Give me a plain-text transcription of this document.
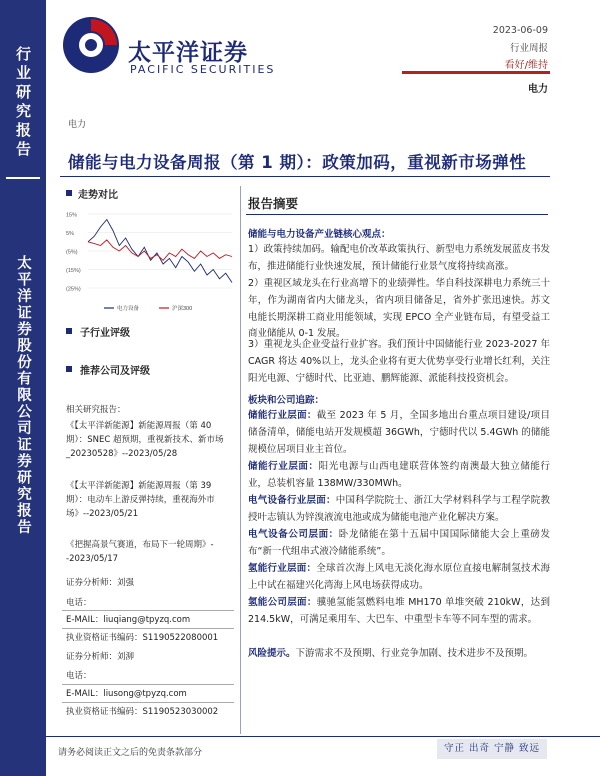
行业研究报告
太平洋证券股份有限公司证券研究报告
太平洋证券
PACIFIC SECURITIES
2023-06-09
行业周报
看好/维持
电力
电力
储能与电力设备周报（第 1 期）：政策加码，重视新市场弹性
走势对比
15%
5%
(5%)
(15%)
(25%)
电力设备	沪深300
子行业评级
推荐公司及评级
相关研究报告：
《【太平洋新能源】新能源周报（第 40 期）：SNEC 超预期，重视新技术、新市场_20230528》--2023/05/28
《【太平洋新能源】新能源周报（第 39 期）：电动车上游反弹持续，重视海外市场》--2023/05/21
《把握高景气赛道，布局下一轮周期》--2023/05/17
证券分析师：刘强
电话：
E-MAIL：liuqiang@tpyzq.com
执业资格证书编码：S1190522080001
证券分析师：刘泖
电话：
E-MAIL：liusong@tpyzq.com
执业资格证书编码：S1190523030002
报告摘要
储能与电力设备产业链核心观点：
1）政策持续加码。输配电价改革政策执行、新型电力系统发展蓝皮书发布，推进储能行业快速发展，预计储能行业景气度将持续高涨。
2）重视区域龙头在行业高增下的业绩弹性。华自科技深耕电力系统三十年，作为湖南省内大储龙头，省内项目储备足，省外扩张迅速快。苏文电能长期深耕工商业用能领域，实现 EPCO 全产业链布局，有望受益工商业储能从 0-1 发展。
3）重视龙头企业受益行业扩容。我们预计中国储能行业 2023-2027 年 CAGR 将达 40%以上，龙头企业将有更大优势享受行业增长红利，关注阳光电源、宁德时代、比亚迪、鹏辉能源、派能科技投资机会。
板块和公司追踪：
储能行业层面：截至 2023 年 5 月，全国多地出台重点项目建设/项目储备清单，储能电站开发规模超 36GWh，宁德时代以 5.4GWh 的储能规模位居项目业主首位。
储能行业层面：阳光电源与山西电建联营体签约南澳最大独立储能行业，总装机容量 138MW/330MWh。
电气设备行业层面：中国科学院院士、浙江大学材料科学与工程学院教授叶志镇认为锌溴液流电池或成为储能电池产业化解决方案。
电气设备公司层面：卧龙储能在第十五届中国国际储能大会上重磅发布“新一代组串式液冷储能系统”。
氢能行业层面：全球首次海上风电无淡化海水原位直接电解制氢技术海上中试在福建兴化湾海上风电场获得成功。
氢能公司层面：骥驰氢能氢燃料电堆 MH170 单堆突破 210kW，达到 214.5kW，可满足乘用车、大巴车、中重型卡车等不同车型的需求。
风险提示。下游需求不及预期、行业竞争加剧、技术进步不及预期。
请务必阅读正文之后的免责条款部分	守正 出奇 宁静 致远
